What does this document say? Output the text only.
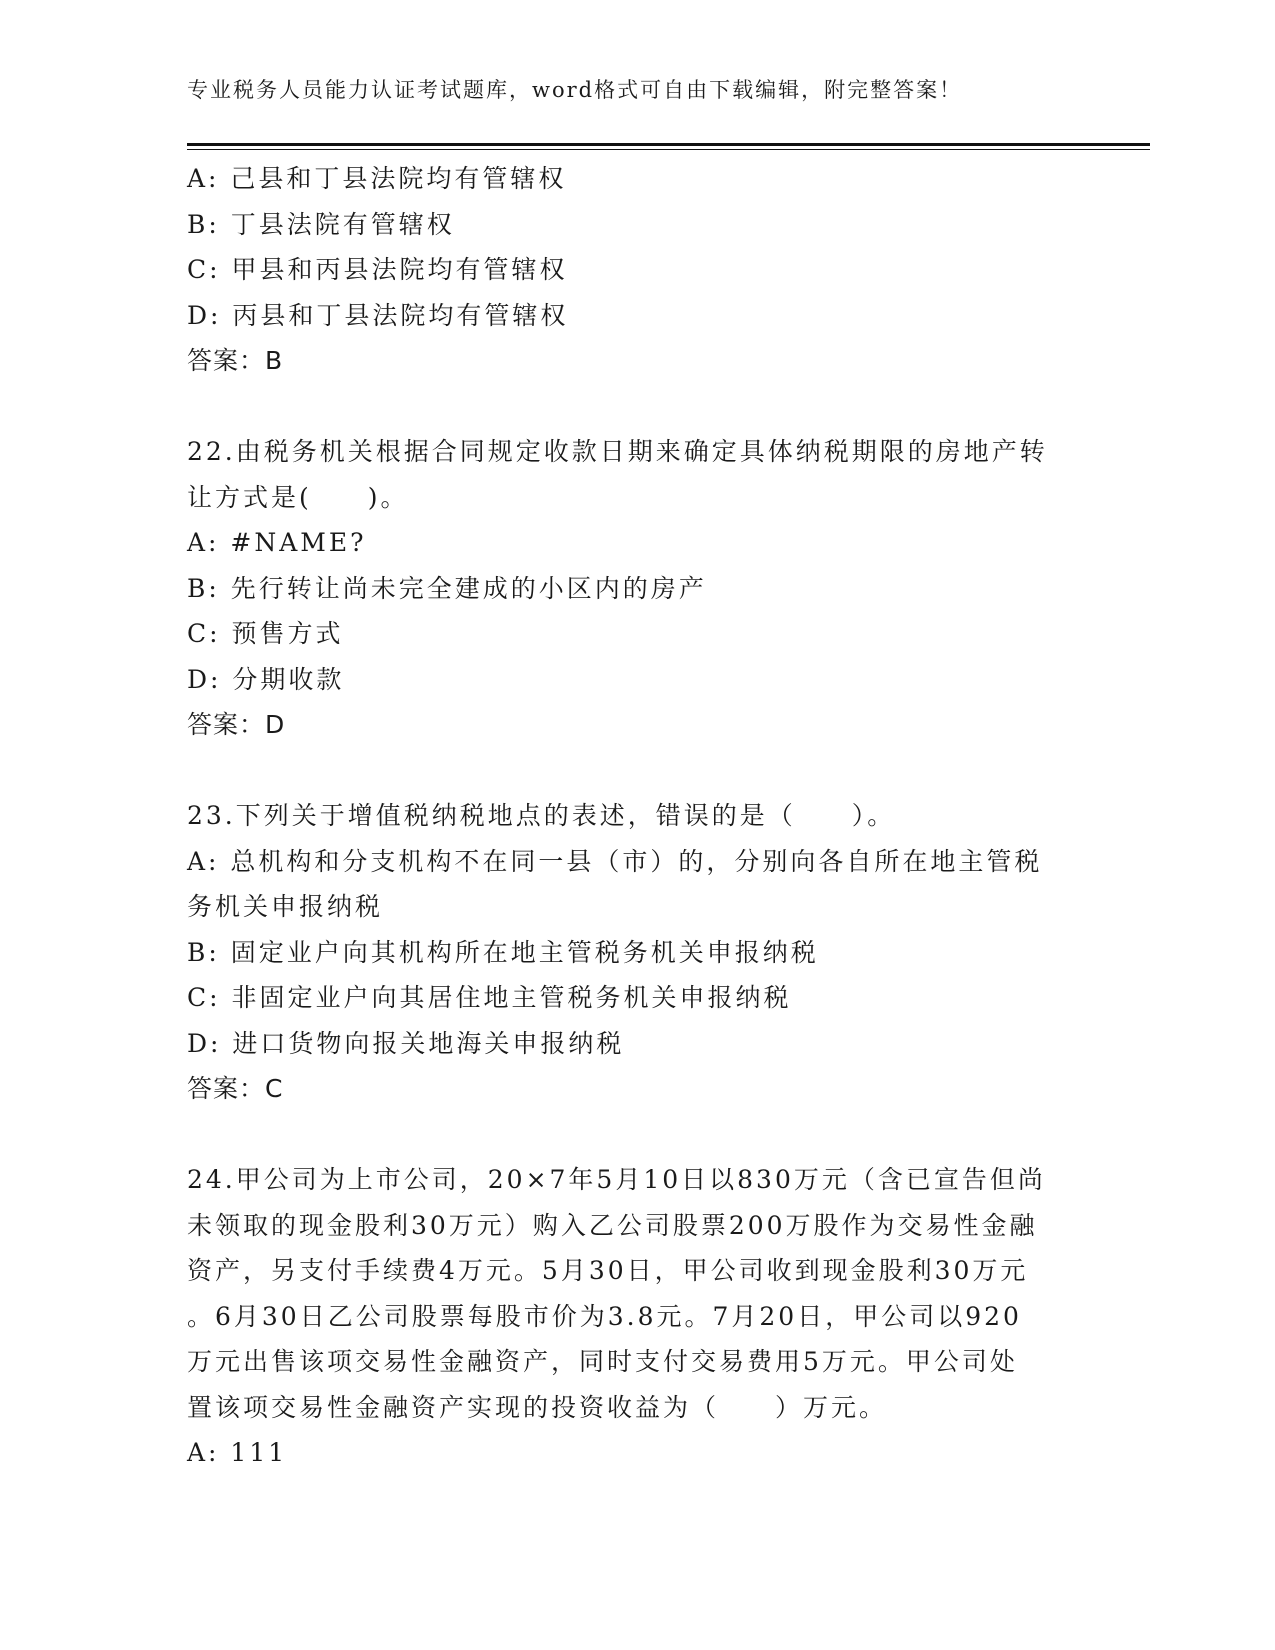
专业税务人员能力认证考试题库，word格式可自由下载编辑，附完整答案！
A: 己县和丁县法院均有管辖权
B: 丁县法院有管辖权
C: 甲县和丙县法院均有管辖权
D: 丙县和丁县法院均有管辖权
答案：B
22.由税务机关根据合同规定收款日期来确定具体纳税期限的房地产转
让方式是(　　)。
A: #NAME?
B: 先行转让尚未完全建成的小区内的房产
C: 预售方式
D: 分期收款
答案：D
23.下列关于增值税纳税地点的表述，错误的是（　　）。
A: 总机构和分支机构不在同一县（市）的，分别向各自所在地主管税
务机关申报纳税
B: 固定业户向其机构所在地主管税务机关申报纳税
C: 非固定业户向其居住地主管税务机关申报纳税
D: 进口货物向报关地海关申报纳税
答案：C
24.甲公司为上市公司，20×7年5月10日以830万元（含已宣告但尚
未领取的现金股利30万元）购入乙公司股票200万股作为交易性金融
资产，另支付手续费4万元。5月30日，甲公司收到现金股利30万元
。6月30日乙公司股票每股市价为3.8元。7月20日，甲公司以920
万元出售该项交易性金融资产，同时支付交易费用5万元。甲公司处
置该项交易性金融资产实现的投资收益为（　　）万元。
A: 111
